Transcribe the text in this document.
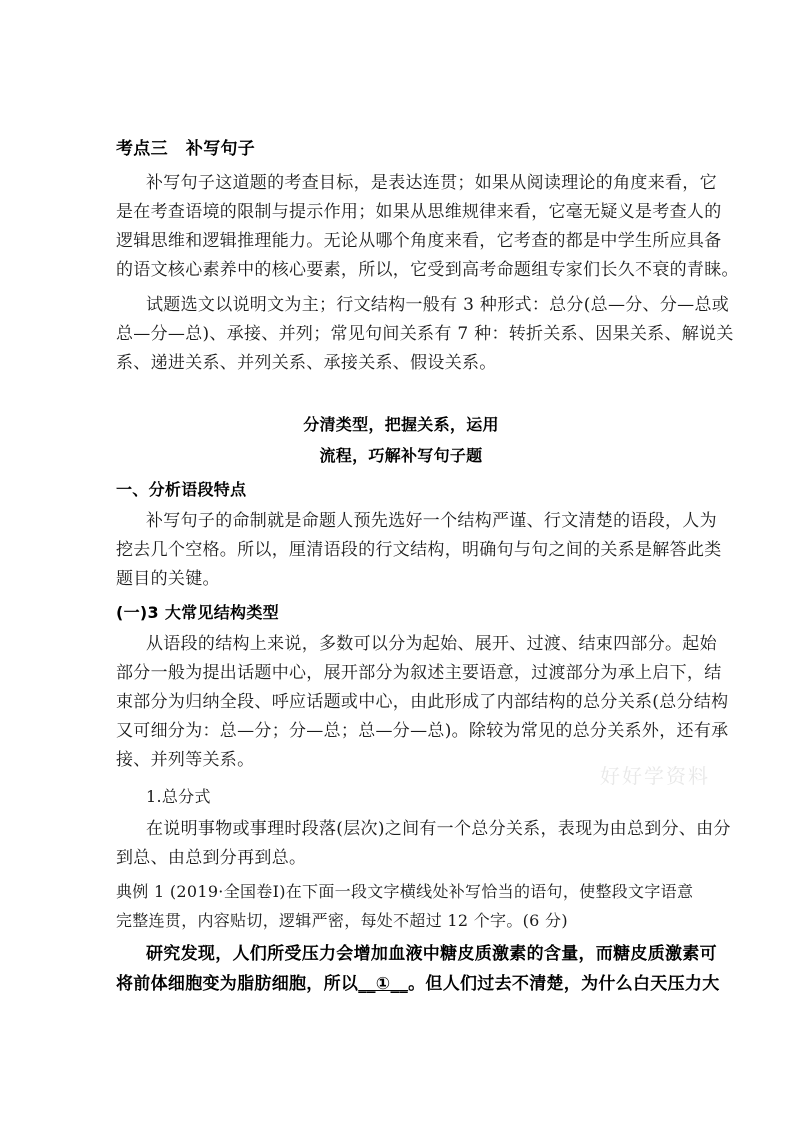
考点三 补写句子
补写句子这道题的考查目标，是表达连贯；如果从阅读理论的角度来看，它
是在考查语境的限制与提示作用；如果从思维规律来看，它毫无疑义是考查人的
逻辑思维和逻辑推理能力。无论从哪个角度来看，它考查的都是中学生所应具备
的语文核心素养中的核心要素，所以，它受到高考命题组专家们长久不衰的青睐。
试题选文以说明文为主；行文结构一般有 3 种形式：总分(总—分、分—总或
总—分—总)、承接、并列；常见句间关系有 7 种：转折关系、因果关系、解说关
系、递进关系、并列关系、承接关系、假设关系。
分清类型，把握关系，运用
流程，巧解补写句子题
一、分析语段特点
补写句子的命制就是命题人预先选好一个结构严谨、行文清楚的语段，人为
挖去几个空格。所以，厘清语段的行文结构，明确句与句之间的关系是解答此类
题目的关键。
(一)3 大常见结构类型
从语段的结构上来说，多数可以分为起始、展开、过渡、结束四部分。起始
部分一般为提出话题中心，展开部分为叙述主要语意，过渡部分为承上启下，结
束部分为归纳全段、呼应话题或中心，由此形成了内部结构的总分关系(总分结构
又可细分为：总—分；分—总；总—分—总)。除较为常见的总分关系外，还有承
接、并列等关系。
好好学资料
1.总分式
在说明事物或事理时段落(层次)之间有一个总分关系，表现为由总到分、由分
到总、由总到分再到总。
典例 1 (2019·全国卷Ⅰ)在下面一段文字横线处补写恰当的语句，使整段文字语意
完整连贯，内容贴切，逻辑严密，每处不超过 12 个字。(6 分)
研究发现，人们所受压力会增加血液中糖皮质激素的含量，而糖皮质激素可
将前体细胞变为脂肪细胞，所以__①__。但人们过去不清楚，为什么白天压力大
